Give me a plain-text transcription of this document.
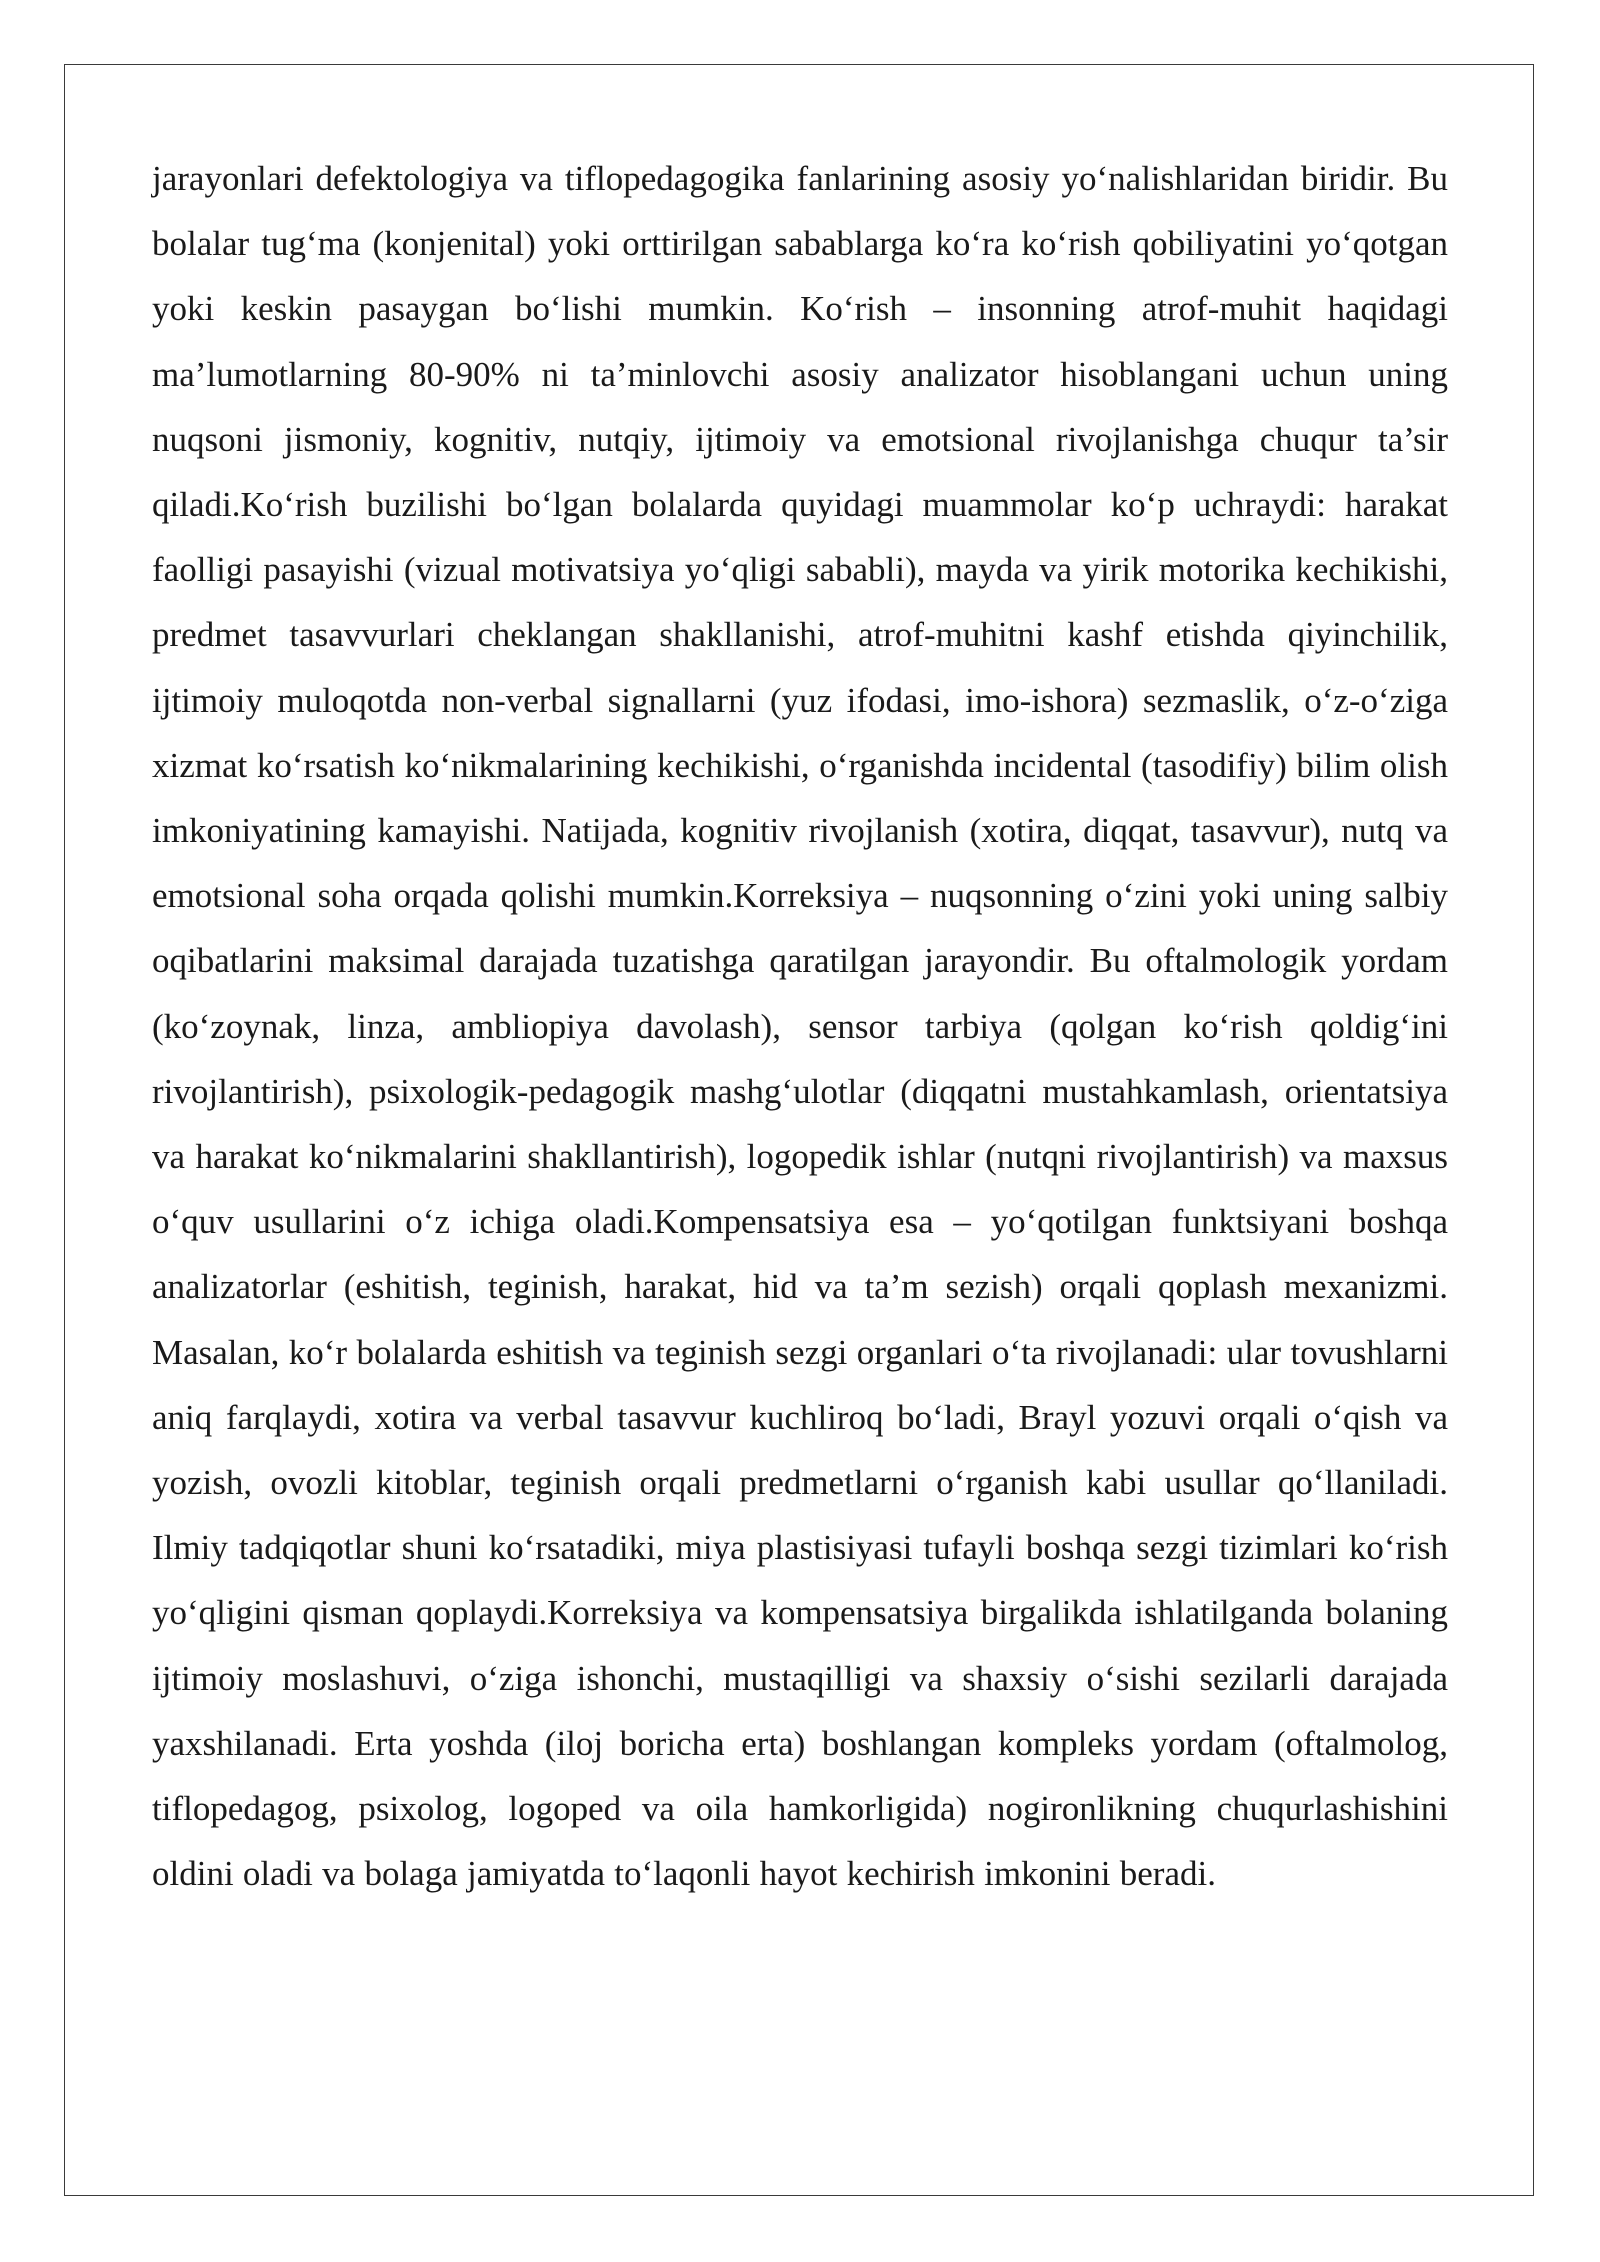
jarayonlari defektologiya va tiflopedagogika fanlarining asosiy yo‘nalishlaridan biridir. Bu bolalar tug‘ma (konjenital) yoki orttirilgan sabablarga ko‘ra ko‘rish qobiliyatini yo‘qotgan yoki keskin pasaygan bo‘lishi mumkin. Ko‘rish – insonning atrof-muhit haqidagi ma’lumotlarning 80-90% ni ta’minlovchi asosiy analizator hisoblangani uchun uning nuqsoni jismoniy, kognitiv, nutqiy, ijtimoiy va emotsional rivojlanishga chuqur ta’sir qiladi.Ko‘rish buzilishi bo‘lgan bolalarda quyidagi muammolar ko‘p uchraydi: harakat faolligi pasayishi (vizual motivatsiya yo‘qligi sababli), mayda va yirik motorika kechikishi, predmet tasavvurlari cheklangan shakllanishi, atrof-muhitni kashf etishda qiyinchilik, ijtimoiy muloqotda non-verbal signallarni (yuz ifodasi, imo-ishora) sezmaslik, o‘z-o‘ziga xizmat ko‘rsatish ko‘nikmalarining kechikishi, o‘rganishda incidental (tasodifiy) bilim olish imkoniyatining kamayishi. Natijada, kognitiv rivojlanish (xotira, diqqat, tasavvur), nutq va emotsional soha orqada qolishi mumkin.Korreksiya – nuqsonning o‘zini yoki uning salbiy oqibatlarini maksimal darajada tuzatishga qaratilgan jarayondir. Bu oftalmologik yordam (ko‘zoynak, linza, ambliopiya davolash), sensor tarbiya (qolgan ko‘rish qoldig‘ini rivojlantirish), psixologik-pedagogik mashg‘ulotlar (diqqatni mustahkamlash, orientatsiya va harakat ko‘nikmalarini shakllantirish), logopedik ishlar (nutqni rivojlantirish) va maxsus o‘quv usullarini o‘z ichiga oladi.Kompensatsiya esa – yo‘qotilgan funktsiyani boshqa analizatorlar (eshitish, teginish, harakat, hid va ta’m sezish) orqali qoplash mexanizmi. Masalan, ko‘r bolalarda eshitish va teginish sezgi organlari o‘ta rivojlanadi: ular tovushlarni aniq farqlaydi, xotira va verbal tasavvur kuchliroq bo‘ladi, Brayl yozuvi orqali o‘qish va yozish, ovozli kitoblar, teginish orqali predmetlarni o‘rganish kabi usullar qo‘llaniladi. Ilmiy tadqiqotlar shuni ko‘rsatadiki, miya plastisiyasi tufayli boshqa sezgi tizimlari ko‘rish yo‘qligini qisman qoplaydi.Korreksiya va kompensatsiya birgalikda ishlatilganda bolaning ijtimoiy moslashuvi, o‘ziga ishonchi, mustaqilligi va shaxsiy o‘sishi sezilarli darajada yaxshilanadi. Erta yoshda (iloj boricha erta) boshlangan kompleks yordam (oftalmolog, tiflopedagog, psixolog, logoped va oila hamkorligida) nogironlikning chuqurlashishini oldini oladi va bolaga jamiyatda to‘laqonli hayot kechirish imkonini beradi.
